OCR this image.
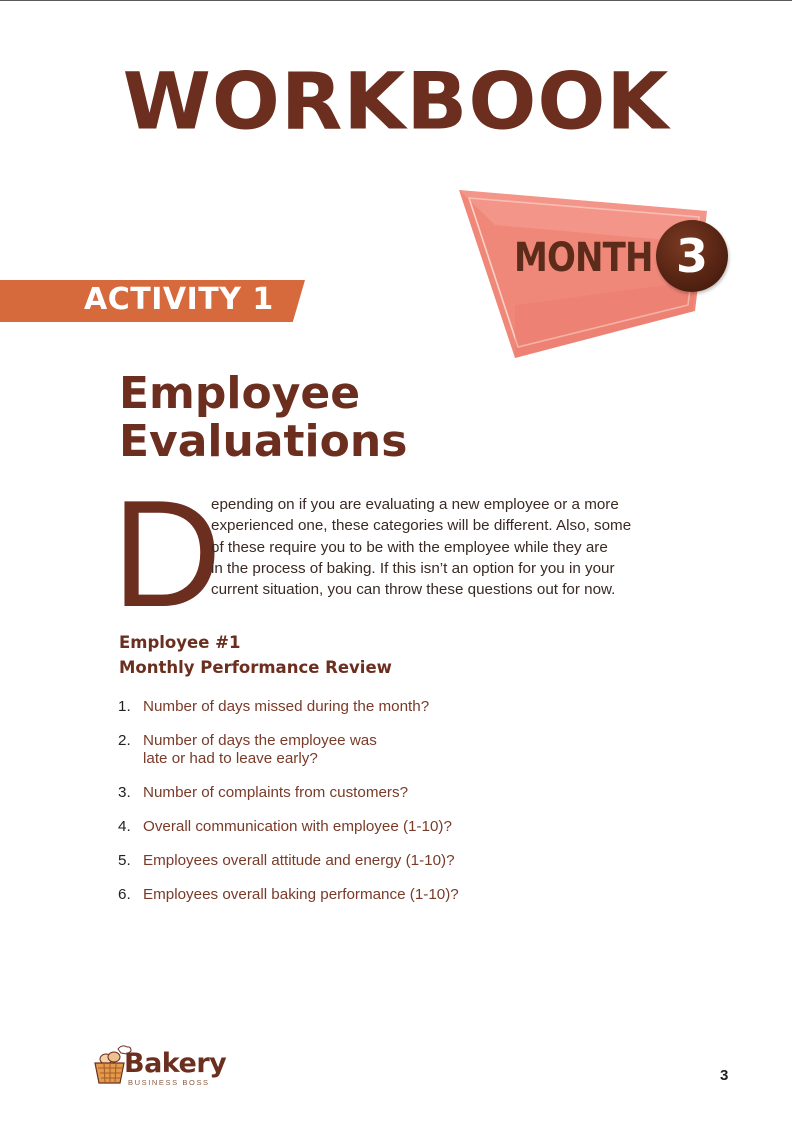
WORKBOOK
MONTH 3
ACTIVITY 1
Employee
Evaluations
D
epending on if you are evaluating a new employee or a more
experienced one, these categories will be different. Also, some
of these require you to be with the employee while they are
in the process of baking. If this isn’t an option for you in your
current situation, you can throw these questions out for now.
Employee #1
Monthly Performance Review
1. Number of days missed during the month?
2. Number of days the employee was
late or had to leave early?
3. Number of complaints from customers?
4. Overall communication with employee (1-10)?
5. Employees overall attitude and energy (1-10)?
6. Employees overall baking performance (1-10)?
Bakery
BUSINESS BOSS	3
